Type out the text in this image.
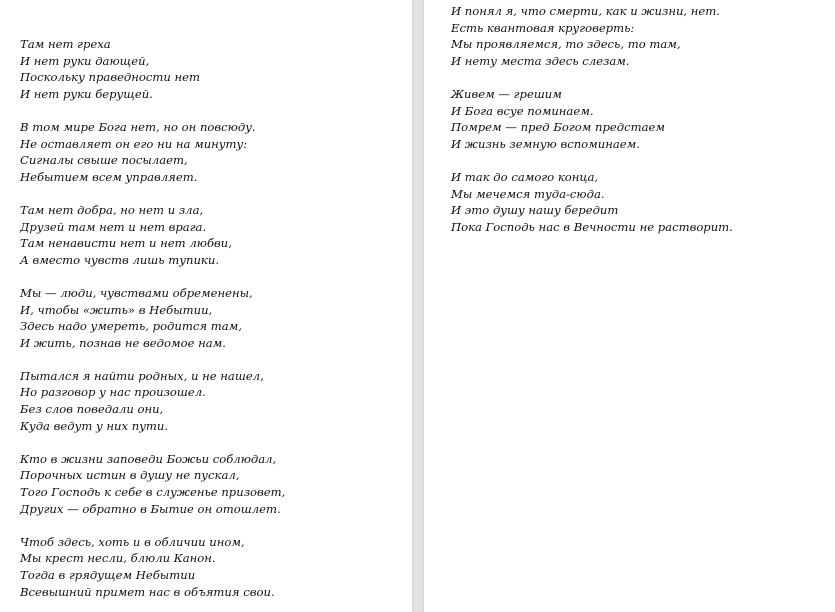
Там нет греха
И нет руки дающей,
Поскольку праведности нет
И нет руки берущей.
В том мире Бога нет, но он повсюду.
Не оставляет он его ни на минуту:
Сигналы свыше посылает,
Небытием всем управляет.
Там нет добра, но нет и зла,
Друзей там нет и нет врага.
Там ненависти нет и нет любви,
А вместо чувств лишь тупики.
Мы — люди, чувствами обременены,
И, чтобы «жить» в Небытии,
Здесь надо умереть, родится там,
И жить, познав не ведомое нам.
Пытался я найти родных, и не нашел,
Но разговор у нас произошел.
Без слов поведали они,
Куда ведут у них пути.
Кто в жизни заповеди Божьи соблюдал,
Порочных истин в душу не пускал,
Того Господь к себе в служенье призовет,
Других — обратно в Бытие он отошлет.
Чтоб здесь, хоть и в обличии ином,
Мы крест несли, блюли Канон.
Тогда в грядущем Небытии
Всевышний примет нас в объятия свои.
И понял я, что смерти, как и жизни, нет.
Есть квантовая круговерть:
Мы проявляемся, то здесь, то там,
И нету места здесь слезам.
Живем — грешим
И Бога всуе поминаем.
Помрем — пред Богом предстаем
И жизнь земную вспоминаем.
И так до самого конца,
Мы мечемся туда-сюда.
И это душу нашу бередит
Пока Господь нас в Вечности не растворит.
